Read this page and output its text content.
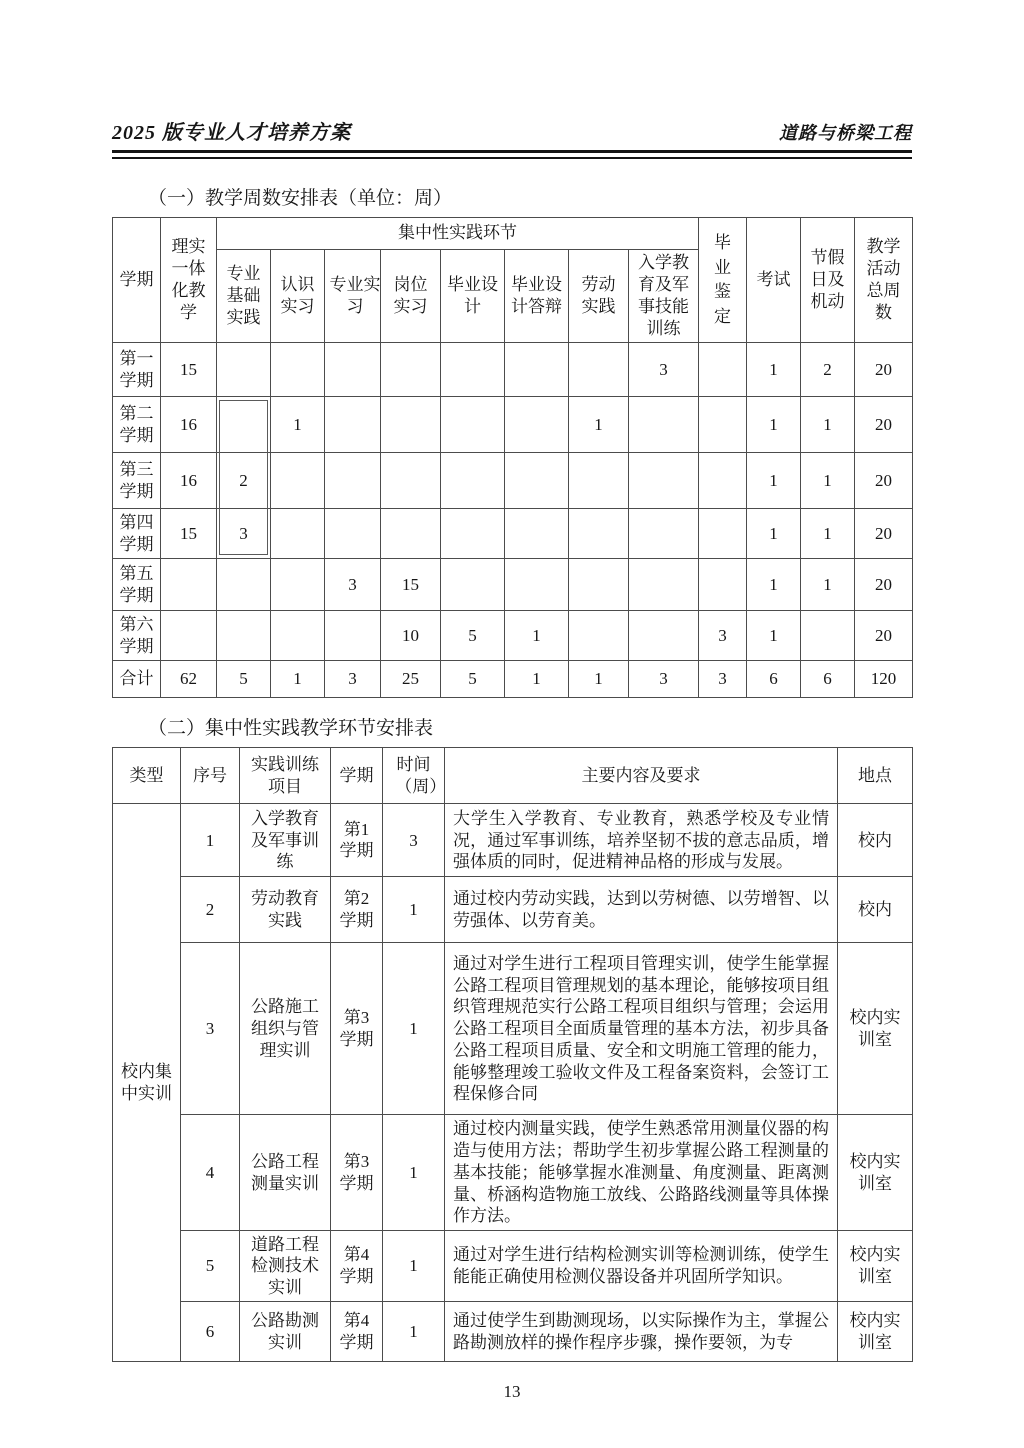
2025 版专业人才培养方案	道路与桥梁工程

（一）教学周数安排表（单位：周）

学期	理实一体化教学	集中性实践环节								毕业鉴定	考试	节假日及机动	教学活动总周数
		专业基础实践	认识实习	专业实习	岗位实习	毕业设计	毕业设计答辩	劳动实践	入学教育及军事技能训练				
第一学期	15								3		1	2	20
第二学期	16		1					1			1	1	20
第三学期	16	2									1	1	20
第四学期	15	3									1	1	20
第五学期				3	15						1	1	20
第六学期					10	5	1			3	1		20
合计	62	5	1	3	25	5	1	1	3	3	6	6	120

（二）集中性实践教学环节安排表

类型	序号	实践训练项目	学期	时间（周）	主要内容及要求	地点
校内集中实训	1	入学教育及军事训练	第1学期	3	大学生入学教育、专业教育，熟悉学校及专业情况，通过军事训练，培养坚韧不拔的意志品质，增强体质的同时，促进精神品格的形成与发展。	校内
	2	劳动教育实践	第2学期	1	通过校内劳动实践，达到以劳树德、以劳增智、以劳强体、以劳育美。	校内
	3	公路施工组织与管理实训	第3学期	1	通过对学生进行工程项目管理实训，使学生能掌握公路工程项目管理规划的基本理论，能够按项目组织管理规范实行公路工程项目组织与管理；会运用公路工程项目全面质量管理的基本方法，初步具备公路工程项目质量、安全和文明施工管理的能力，能够整理竣工验收文件及工程备案资料，会签订工程保修合同	校内实训室
	4	公路工程测量实训	第3学期	1	通过校内测量实践，使学生熟悉常用测量仪器的构造与使用方法；帮助学生初步掌握公路工程测量的基本技能；能够掌握水准测量、角度测量、距离测量、桥涵构造物施工放线、公路路线测量等具体操作方法。	校内实训室
	5	道路工程检测技术实训	第4学期	1	通过对学生进行结构检测实训等检测训练，使学生能能正确使用检测仪器设备并巩固所学知识。	校内实训室
	6	公路勘测实训	第4学期	1	通过使学生到勘测现场，以实际操作为主，掌握公路勘测放样的操作程序步骤，操作要领，为专	校内实训室
13
